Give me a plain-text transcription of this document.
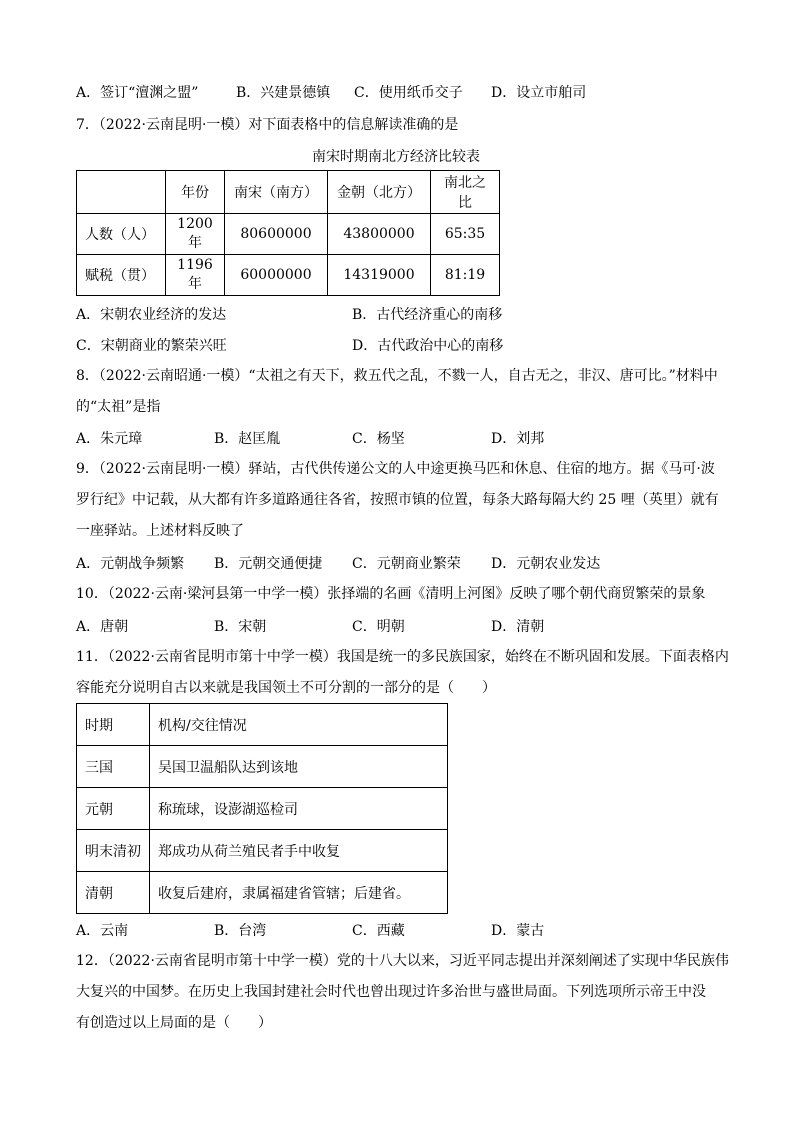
A．签订“澶渊之盟”	B．兴建景德镇 C．使用纸币交子 D．设立市舶司
7．（2022·云南昆明·一模）对下面表格中的信息解读准确的是
南宋时期南北方经济比较表
	年份	南宋（南方）	金朝（北方）	南北之比
人数（人）	1200 年	80600000	43800000	65:35
赋税（贯）	1196 年	60000000	14319000	81:19
A．宋朝农业经济的发达	B．古代经济重心的南移
C．宋朝商业的繁荣兴旺	D．古代政治中心的南移
8．（2022·云南昭通·一模）“太祖之有天下，救五代之乱，不戮一人，自古无之，非汉、唐可比。”材料中
的“太祖”是指
A．朱元璋	B．赵匡胤	C．杨坚	D．刘邦
9．（2022·云南昆明·一模）驿站，古代供传递公文的人中途更换马匹和休息、住宿的地方。据《马可·波
罗行纪》中记载，从大都有许多道路通往各省，按照市镇的位置，每条大路每隔大约 25 哩（英里）就有
一座驿站。上述材料反映了
A．元朝战争频繁 B．元朝交通便捷 C．元朝商业繁荣 D．元朝农业发达
10．（2022·云南·梁河县第一中学一模）张择端的名画《清明上河图》反映了哪个朝代商贸繁荣的景象
A．唐朝	B．宋朝	C．明朝	D．清朝
11．（2022·云南省昆明市第十中学一模）我国是统一的多民族国家，始终在不断巩固和发展。下面表格内
容能充分说明自古以来就是我国领土不可分割的一部分的是（　　）
时期	机构/交往情况
三国	吴国卫温船队达到该地
元朝	称琉球，设澎湖巡检司
明末清初	郑成功从荷兰殖民者手中收复
清朝	收复后建府，隶属福建省管辖；后建省。
A．云南	B．台湾	C．西藏	D．蒙古
12．（2022·云南省昆明市第十中学一模）党的十八大以来，习近平同志提出并深刻阐述了实现中华民族伟
大复兴的中国梦。在历史上我国封建社会时代也曾出现过许多治世与盛世局面。下列选项所示帝王中没
有创造过以上局面的是（　　）
